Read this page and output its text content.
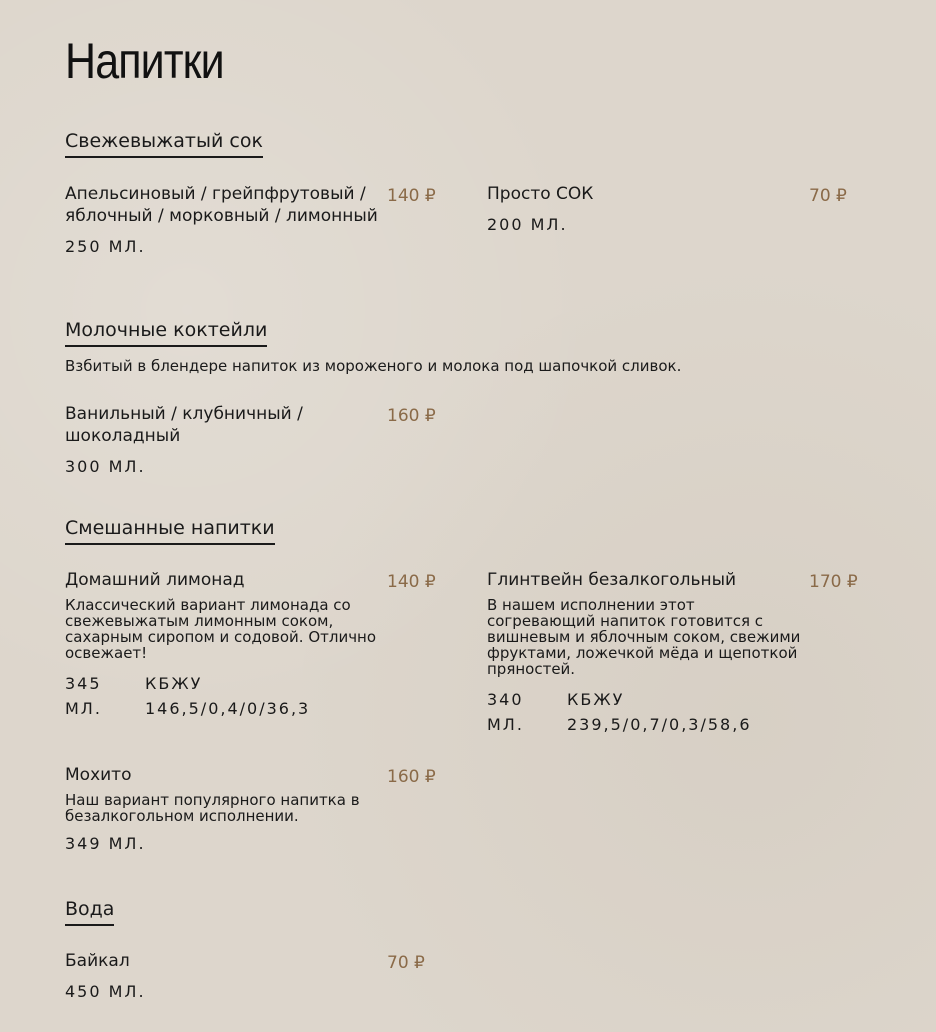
Напитки
Свежевыжатый сок
Апельсиновый / грейпфрутовый / яблочный / морковный / лимонный
140 ₽
250 МЛ.
Просто СОК	70 ₽
200 МЛ.
Молочные коктейли
Взбитый в блендере напиток из мороженого и молока под шапочкой сливок.
Ванильный / клубничный / шоколадный
160 ₽
300 МЛ.
Смешанные напитки
Домашний лимонад	140 ₽
Классический вариант лимонада со свежевыжатым лимонным соком, сахарным сиропом и содовой. Отлично освежает!
345	КБЖУ
МЛ.	146,5/0,4/0/36,3
Глинтвейн безалкогольный	170 ₽
В нашем исполнении этот согревающий напиток готовится с вишневым и яблочным соком, свежими фруктами, ложечкой мёда и щепоткой пряностей.
340	КБЖУ
МЛ.	239,5/0,7/0,3/58,6
Мохито	160 ₽
Наш вариант популярного напитка в безалкогольном исполнении.
349 МЛ.
Вода
Байкал	70 ₽
450 МЛ.
